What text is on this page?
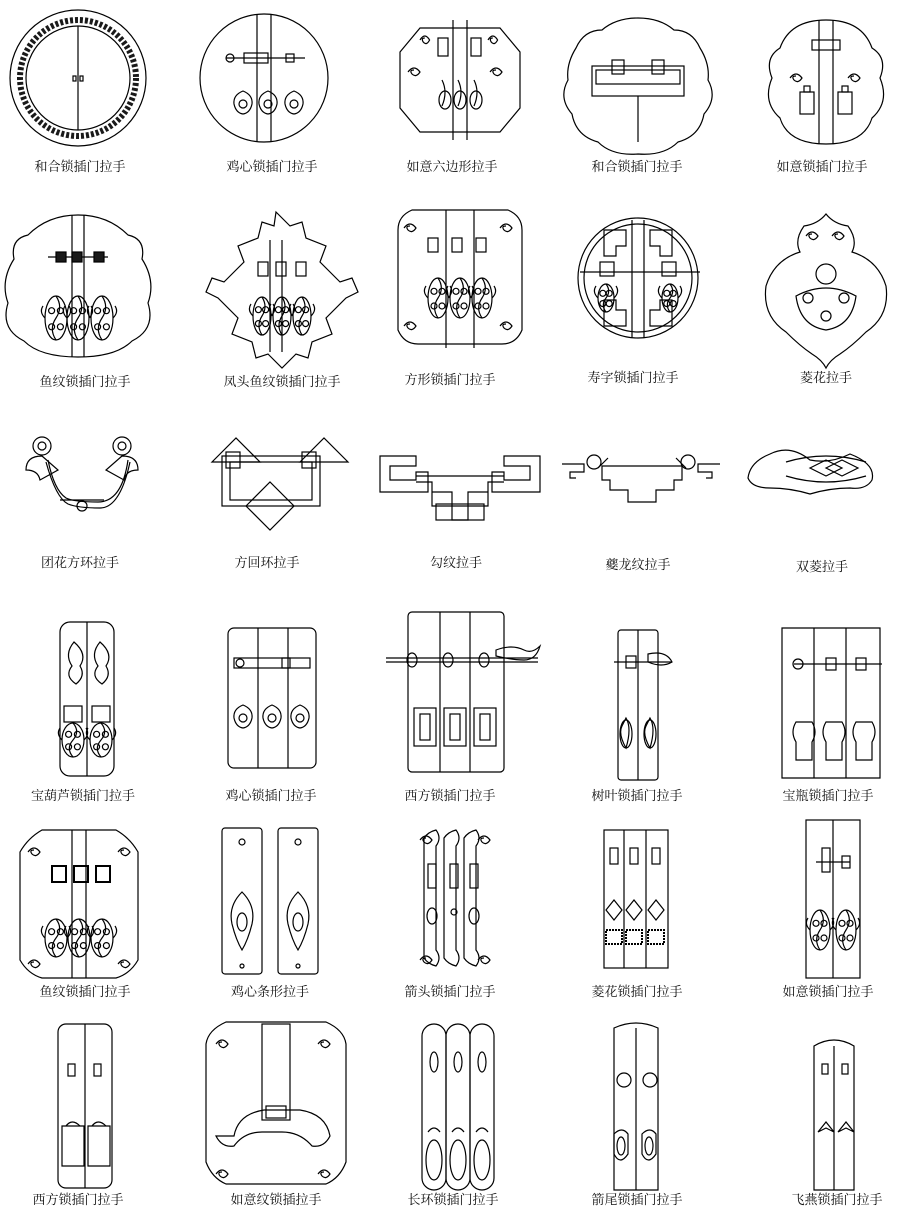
和合锁插门拉手	鸡心锁插门拉手	如意六边形拉手	和合锁插门拉手	如意锁插门拉手
鱼纹锁插门拉手	凤头鱼纹锁插门拉手	方形锁插门拉手	寿字锁插门拉手	菱花拉手
团花方环拉手	方回环拉手	勾纹拉手	夔龙纹拉手	双菱拉手
宝葫芦锁插门拉手	鸡心锁插门拉手	西方锁插门拉手	树叶锁插门拉手	宝瓶锁插门拉手
鱼纹锁插门拉手	鸡心条形拉手	箭头锁插门拉手	菱花锁插门拉手	如意锁插门拉手
西方锁插门拉手	如意纹锁插拉手	长环锁插门拉手	箭尾锁插门拉手	飞燕锁插门拉手
